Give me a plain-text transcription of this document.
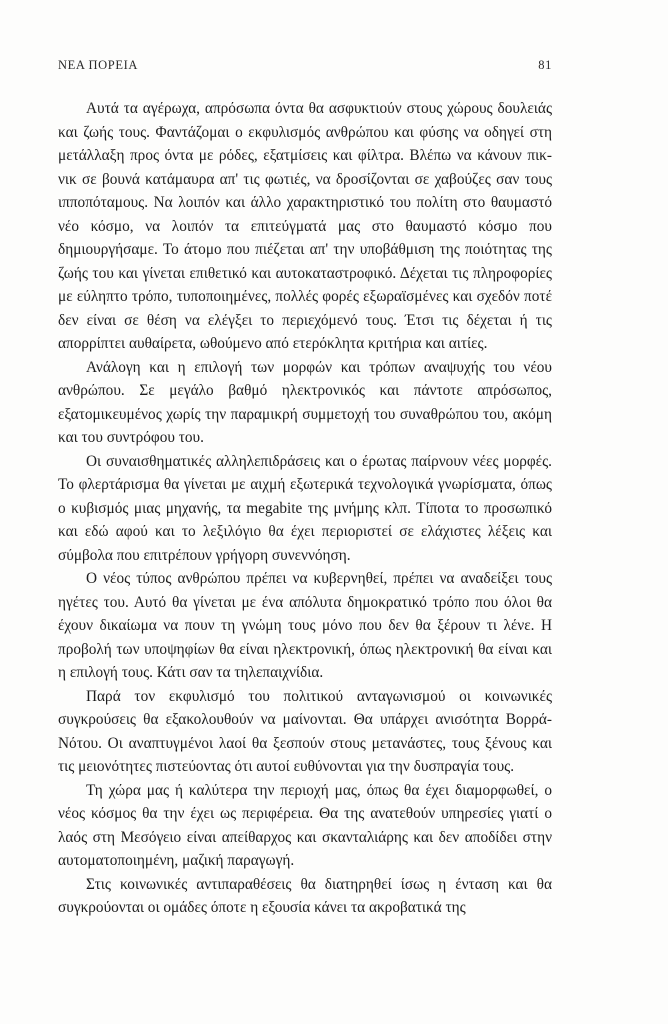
ΝΕΑ ΠΟΡΕΙΑ	81

Αυτά τα αγέρωχα, απρόσωπα όντα θα ασφυκτιούν στους χώρους δουλειάς και ζωής τους. Φαντάζομαι ο εκφυλισμός ανθρώπου και φύσης να οδηγεί στη μετάλλαξη προς όντα με ρόδες, εξατμίσεις και φίλτρα. Βλέπω να κάνουν πικ-νικ σε βουνά κατάμαυρα απ' τις φωτιές, να δροσίζονται σε χαβούζες σαν τους ιπποπόταμους. Να λοιπόν και άλλο χαρακτηριστικό του πολίτη στο θαυμαστό νέο κόσμο, να λοιπόν τα επιτεύγματά μας στο θαυμαστό κόσμο που δημιουργήσαμε. Το άτομο που πιέζεται απ' την υποβάθμιση της ποιότητας της ζωής του και γίνεται επιθετικό και αυτοκαταστροφικό. Δέχεται τις πληροφορίες με εύληπτο τρόπο, τυποποιημένες, πολλές φορές εξωραϊσμένες και σχεδόν ποτέ δεν είναι σε θέση να ελέγξει το περιεχόμενό τους. Έτσι τις δέχεται ή τις απορρίπτει αυθαίρετα, ωθούμενο από ετερόκλητα κριτήρια και αιτίες.

Ανάλογη και η επιλογή των μορφών και τρόπων αναψυχής του νέου ανθρώπου. Σε μεγάλο βαθμό ηλεκτρονικός και πάντοτε απρόσωπος, εξατομικευμένος χωρίς την παραμικρή συμμετοχή του συναθρώπου του, ακόμη και του συντρόφου του.

Οι συναισθηματικές αλληλεπιδράσεις και ο έρωτας παίρνουν νέες μορφές. Το φλερτάρισμα θα γίνεται με αιχμή εξωτερικά τεχνολογικά γνωρίσματα, όπως ο κυβισμός μιας μηχανής, τα megabite της μνήμης κλπ. Τίποτα το προσωπικό και εδώ αφού και το λεξιλόγιο θα έχει περιοριστεί σε ελάχιστες λέξεις και σύμβολα που επιτρέπουν γρήγορη συνεννόηση.

Ο νέος τύπος ανθρώπου πρέπει να κυβερνηθεί, πρέπει να αναδείξει τους ηγέτες του. Αυτό θα γίνεται με ένα απόλυτα δημοκρατικό τρόπο που όλοι θα έχουν δικαίωμα να πουν τη γνώμη τους μόνο που δεν θα ξέρουν τι λένε. Η προβολή των υποψηφίων θα είναι ηλεκτρονική, όπως ηλεκτρονική θα είναι και η επιλογή τους. Κάτι σαν τα τηλεπαιχνίδια.

Παρά τον εκφυλισμό του πολιτικού ανταγωνισμού οι κοινωνικές συγκρούσεις θα εξακολουθούν να μαίνονται. Θα υπάρχει ανισότητα Βορρά-Νότου. Οι αναπτυγμένοι λαοί θα ξεσπούν στους μετανάστες, τους ξένους και τις μειονότητες πιστεύοντας ότι αυτοί ευθύνονται για την δυσπραγία τους.

Τη χώρα μας ή καλύτερα την περιοχή μας, όπως θα έχει διαμορφωθεί, ο νέος κόσμος θα την έχει ως περιφέρεια. Θα της ανατεθούν υπηρεσίες γιατί ο λαός στη Μεσόγειο είναι απείθαρχος και σκανταλιάρης και δεν αποδίδει στην αυτοματοποιημένη, μαζική παραγωγή.

Στις κοινωνικές αντιπαραθέσεις θα διατηρηθεί ίσως η ένταση και θα συγκρούονται οι ομάδες όποτε η εξουσία κάνει τα ακροβατικά της
